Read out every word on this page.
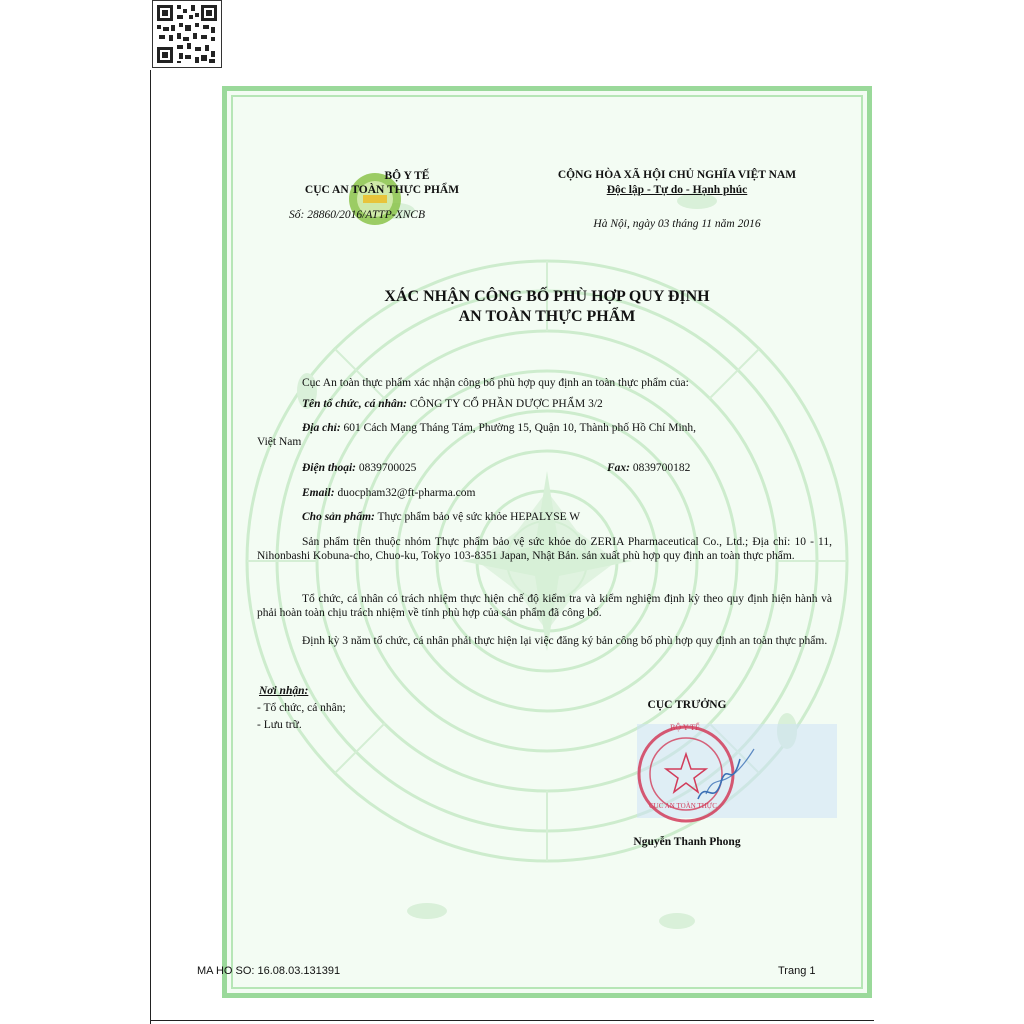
BỘ Y TẾ
CỤC AN TOÀN THỰC PHẨM
Số: 28860/2016/ATTP-XNCB
CỘNG HÒA XÃ HỘI CHỦ NGHĨA VIỆT NAM
Độc lập - Tự do - Hạnh phúc
Hà Nội, ngày 03 tháng 11 năm 2016
XÁC NHẬN CÔNG BỐ PHÙ HỢP QUY ĐỊNH
AN TOÀN THỰC PHẨM
Cục An toàn thực phẩm xác nhận công bố phù hợp quy định an toàn thực phẩm của:
Tên tổ chức, cá nhân: CÔNG TY CỔ PHẦN DƯỢC PHẨM 3/2
Địa chỉ: 601 Cách Mạng Tháng Tám, Phường 15, Quận 10, Thành phố Hồ Chí Minh,
Việt Nam
Điện thoại: 0839700025	Fax: 0839700182
Email: duocpham32@ft-pharma.com
Cho sản phẩm: Thực phẩm bảo vệ sức khỏe HEPALYSE W
Sản phẩm trên thuộc nhóm Thực phẩm bảo vệ sức khỏe do ZERIA Pharmaceutical Co., Ltd.; Địa chỉ: 10 - 11, Nihonbashi Kobuna-cho, Chuo-ku, Tokyo 103-8351 Japan, Nhật Bản. sản xuất phù hợp quy định an toàn thực phẩm.
Tổ chức, cá nhân có trách nhiệm thực hiện chế độ kiểm tra và kiểm nghiệm định kỳ theo quy định hiện hành và phải hoàn toàn chịu trách nhiệm về tính phù hợp của sản phẩm đã công bố.
Định kỳ 3 năm tổ chức, cá nhân phải thực hiện lại việc đăng ký bản công bố phù hợp quy định an toàn thực phẩm.
Nơi nhận:
- Tổ chức, cá nhân;
- Lưu trữ.
CỤC TRƯỞNG
BỘ Y TẾ
CỤC AN TOÀN THỰC
Nguyễn Thanh Phong
MA HO SO: 16.08.03.131391	Trang 1
